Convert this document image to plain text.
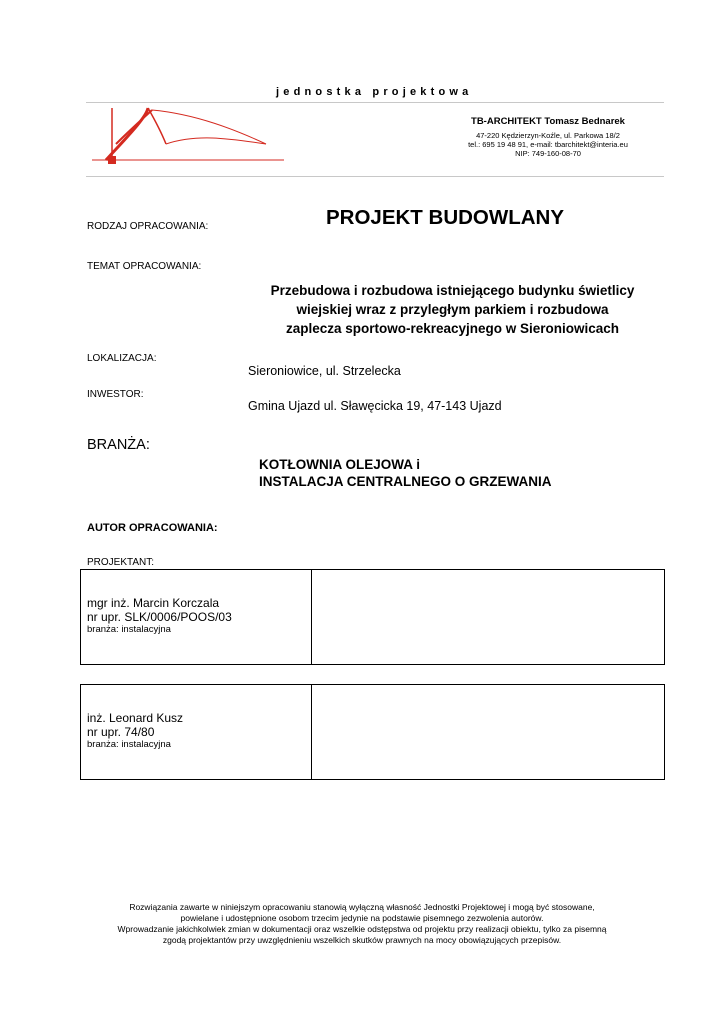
jednostka projektowa
TB-ARCHITEKT Tomasz Bednarek
47-220 Kędzierzyn-Koźle, ul. Parkowa 18/2
tel.: 695 19 48 91, e-mail: tbarchitekt@interia.eu
NIP: 749-160-08-70
RODZAJ OPRACOWANIA:	PROJEKT BUDOWLANY
TEMAT OPRACOWANIA:
Przebudowa i rozbudowa istniejącego budynku świetlicy
wiejskiej wraz z przyległym parkiem i rozbudowa
zaplecza sportowo-rekreacyjnego w Sieroniowicach
LOKALIZACJA:
Sieroniowice, ul. Strzelecka
INWESTOR:
Gmina Ujazd ul. Sławęcicka 19, 47-143 Ujazd
BRANŻA:
KOTŁOWNIA OLEJOWA i
INSTALACJA CENTRALNEGO O GRZEWANIA
AUTOR OPRACOWANIA:
PROJEKTANT:
mgr inż. Marcin Korczala
nr upr. SLK/0006/POOS/03
branża: instalacyjna
inż. Leonard Kusz
nr upr. 74/80
branża: instalacyjna
Rozwiązania zawarte w niniejszym opracowaniu stanowią wyłączną własność Jednostki Projektowej i mogą być stosowane,
powielane i udostępnione osobom trzecim jedynie na podstawie pisemnego zezwolenia autorów.
Wprowadzanie jakichkolwiek zmian w dokumentacji oraz wszelkie odstępstwa od projektu przy realizacji obiektu, tylko za pisemną
zgodą projektantów przy uwzględnieniu wszelkich skutków prawnych na mocy obowiązujących przepisów.
